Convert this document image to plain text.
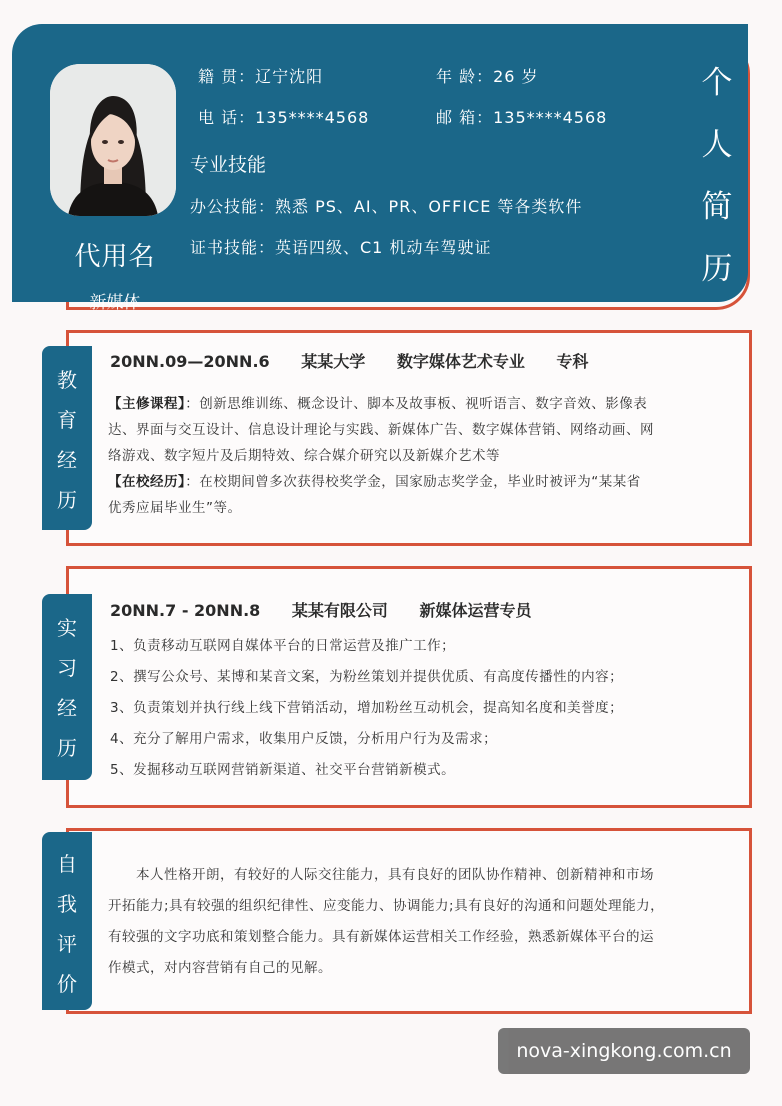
代用名
新媒体
籍 贯：辽宁沈阳	年 龄：26 岁
电 话：135****4568	邮 箱：135****4568
专业技能
办公技能：熟悉 PS、AI、PR、OFFICE 等各类软件
证书技能：英语四级、C1 机动车驾驶证
个
人
简
历
教
育
经
历
20NN.09—20NN.6 某某大学 数字媒体艺术专业 专科
【主修课程】：创新思维训练、概念设计、脚本及故事板、视听语言、数字音效、影像表
达、界面与交互设计、信息设计理论与实践、新媒体广告、数字媒体营销、网络动画、网
络游戏、数字短片及后期特效、综合媒介研究以及新媒介艺术等
【在校经历】：在校期间曾多次获得校奖学金，国家励志奖学金，毕业时被评为“某某省
优秀应届毕业生”等。
实
习
经
历
20NN.7 - 20NN.8 某某有限公司 新媒体运营专员
1、负责移动互联网自媒体平台的日常运营及推广工作；
2、撰写公众号、某博和某音文案，为粉丝策划并提供优质、有高度传播性的内容；
3、负责策划并执行线上线下营销活动，增加粉丝互动机会，提高知名度和美誉度；
4、充分了解用户需求，收集用户反馈，分析用户行为及需求；
5、发掘移动互联网营销新渠道、社交平台营销新模式。
自
我
评
价
本人性格开朗，有较好的人际交往能力，具有良好的团队协作精神、创新精神和市场
开拓能力;具有较强的组织纪律性、应变能力、协调能力;具有良好的沟通和问题处理能力，
有较强的文字功底和策划整合能力。具有新媒体运营相关工作经验，熟悉新媒体平台的运
作模式，对内容营销有自己的见解。
nova-xingkong.com.cn
